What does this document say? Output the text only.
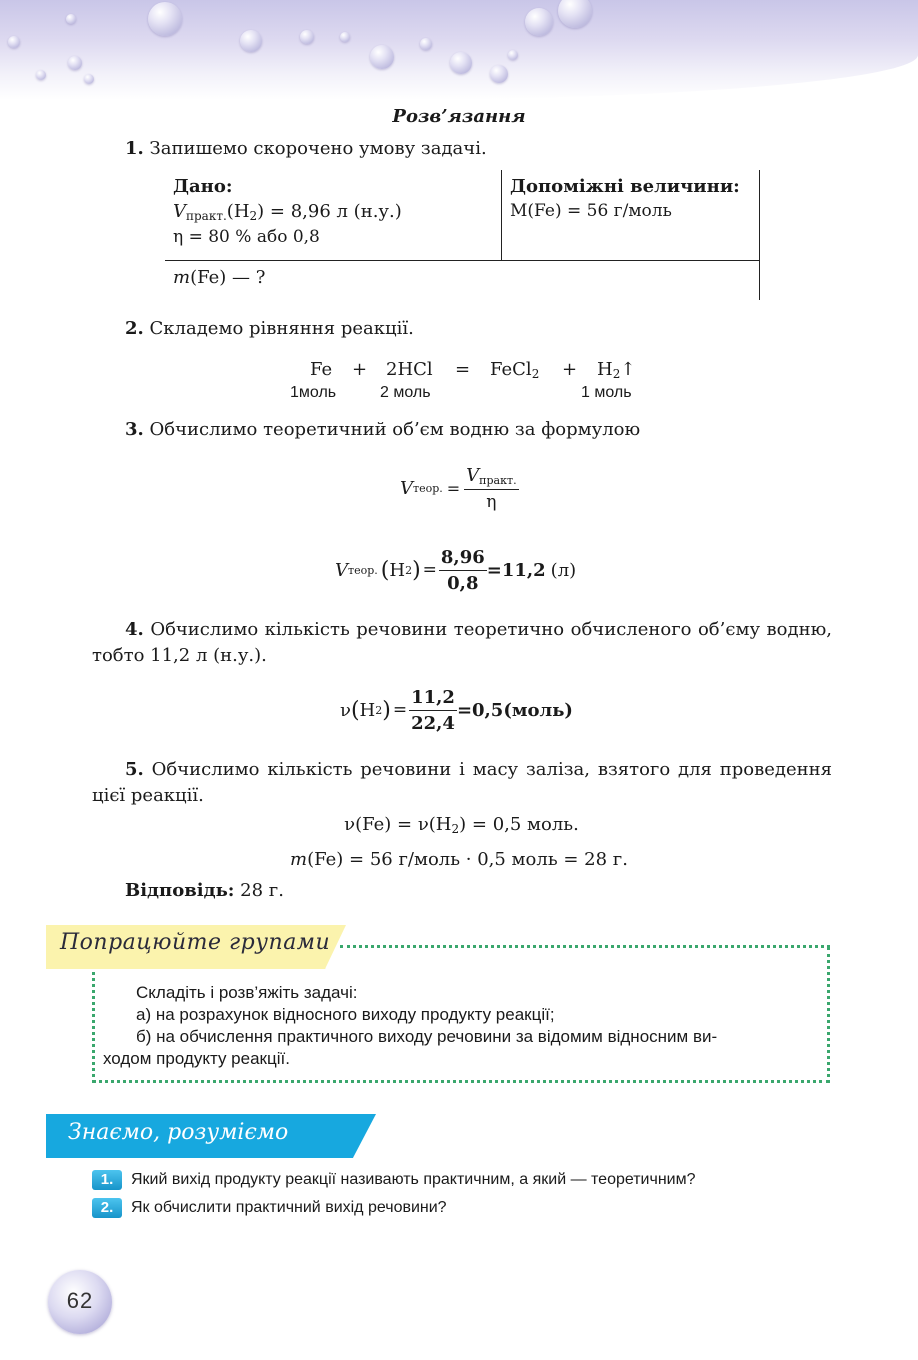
Розв’язання
1. Запишемо скорочено умову задачі.
Дано:
$V_{практ.}(H_2) = 8,96$ л (н.у.)
η = 80 % або 0,8
m(Fe) — ?
Допоміжні величини:
M(Fe) = 56 г/моль
2. Складемо рівняння реакції.
Fe + 2HCl = FeCl$_2$ + $H_2↑$
1моль	2 моль	1 моль
3. Обчислимо теоретичний об’єм водню за формулою
V теор. = $\frac{V_{практ.}}{\eta}$
V теор. ( H 2 ) = $\frac{8,96}{0,8} =11,2$ (л)
4. Обчислимо кількість речовини теоретично обчисленого об’єму водню, тобто 11,2 л (н.у.).
ν ( H 2 ) = $\frac{11,2}{22,4} =0,5$ (моль)
5. Обчислимо кількість речовини і масу заліза, взятого для проведення цієї реакції.
$\nu(Fe) = \nu(H_2) = 0,5$ моль.
m(Fe) = 56 г/моль · 0,5 моль = 28 г.
Відповідь: 28 г.
Попрацюйте групами
Складіть і розв’яжіть задачі:
а) на розрахунок відносного виходу продукту реакції;
б) на обчислення практичного виходу речовини за відомим відносним ви-
ходом продукту реакції.
Знаємо, розуміємо
1.	Який вихід продукту реакції називають практичним, а який — теоретичним?
2.	Як обчислити практичний вихід речовини?
62
